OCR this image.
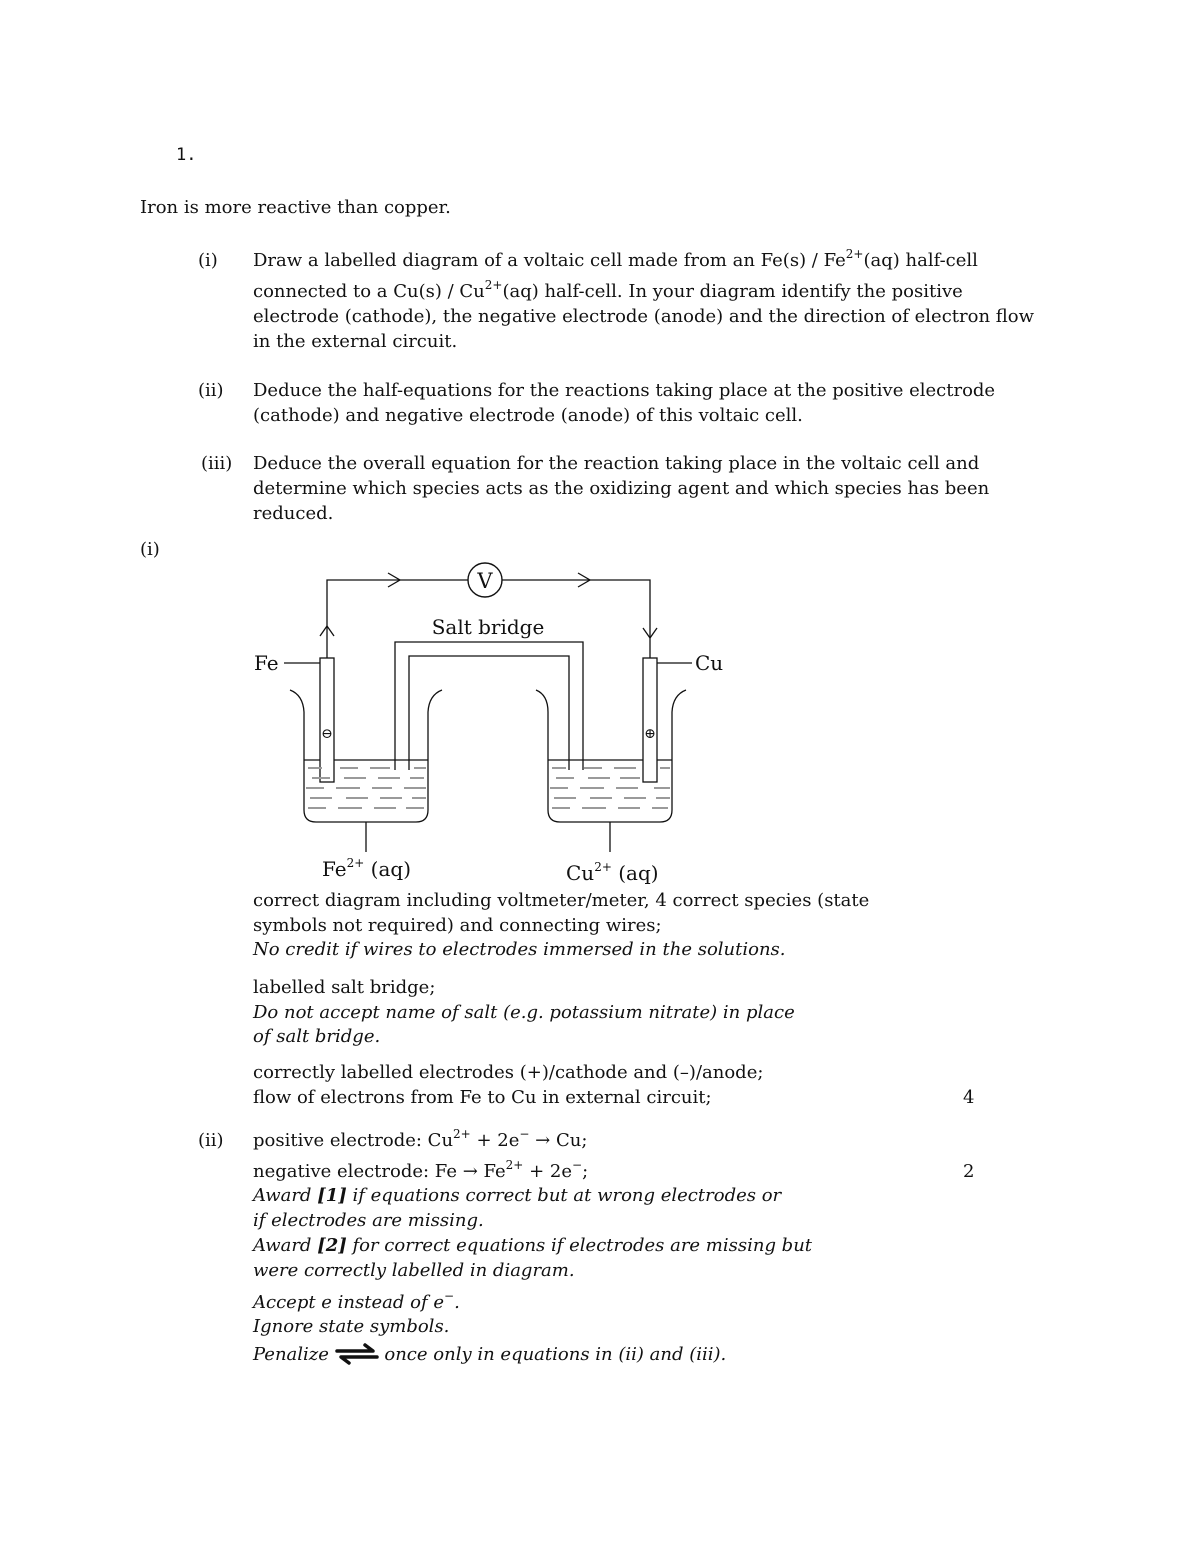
1.
Iron is more reactive than copper.
(i) Draw a labelled diagram of a voltaic cell made from an $Fe(s) / Fe^{2+}(aq)$ half-cell
connected to a $Cu(s) / Cu^{2+}(aq)$ half-cell. In your diagram identify the positive
electrode (cathode), the negative electrode (anode) and the direction of electron flow
in the external circuit.
(ii) Deduce the half-equations for the reactions taking place at the positive electrode
(cathode) and negative electrode (anode) of this voltaic cell.
(iii) Deduce the overall equation for the reaction taking place in the voltaic cell and
determine which species acts as the oxidizing agent and which species has been
reduced.
(i)
V
Salt bridge
Fe	Cu
⊖	⊕
$Fe^{2+}$ (aq)	$Cu^{2+}$ (aq)
correct diagram including voltmeter/meter, 4 correct species (state
symbols not required) and connecting wires;
No credit if wires to electrodes immersed in the solutions.
labelled salt bridge;
Do not accept name of salt (e.g. potassium nitrate) in place
of salt bridge.
correctly labelled electrodes (+)/cathode and (–)/anode;
flow of electrons from Fe to Cu in external circuit;	4
(ii) positive electrode: $Cu^{2+} + 2e^- \to Cu$;
negative electrode: $Fe \to Fe^{2+} + 2e^-$;	2
Award [1] if equations correct but at wrong electrodes or
if electrodes are missing.
Award [2] for correct equations if electrodes are missing but
were correctly labelled in diagram.
Accept e instead of e−.
Ignore state symbols.
Penalize ⇌ once only in equations in (ii) and (iii).
